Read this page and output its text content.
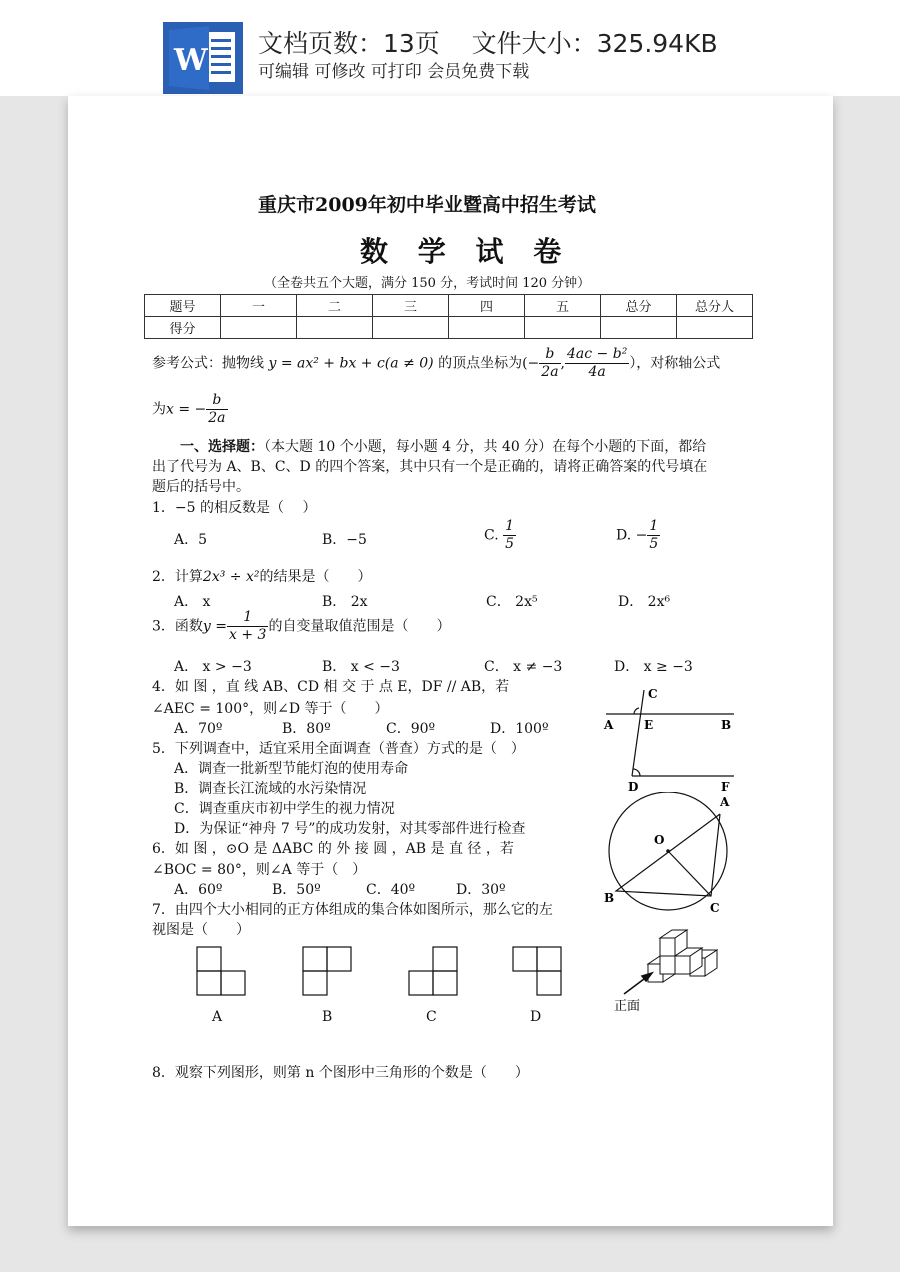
W 文档页数：13页 文件大小：325.94KB
可编辑 可修改 可打印 会员免费下载
重庆市2009年初中毕业暨高中招生考试
数 学 试 卷
（全卷共五个大题，满分 150 分，考试时间 120 分钟）
题号	一	二	三	四	五	总分	总分人
得分							
参考公式：抛物线 y = ax² + bx + c(a ≠ 0) 的顶点坐标为(− $\frac{b}{2a}$ , $\frac{\text{4ac − b²}}{4a}$ ），对称轴公式
为x = − $\frac{b}{2a}$
一、选择题：（本大题 10 个小题，每小题 4 分，共 40 分）在每个小题的下面，都给
出了代号为 A、B、C、D 的四个答案，其中只有一个是正确的，请将正确答案的代号填在
题后的括号中。
1．−5 的相反数是（　 ）
A．5	B．−5	C. $\frac{1}{5}$	D. − $\frac{1}{5}$
2．计算2x³ ÷ x²的结果是（　　）
A． x	B． 2x	C． 2x⁵	D． 2x⁶
3．函数$y = \frac{1}{x + 3}$ 的自变量取值范围是（　　）
A． x > −3	B． x < −3	C． x ≠ −3	D． x ≥ −3
4．如 图 ，直 线 AB、CD 相 交 于 点 E，DF // AB，若
∠AEC = 100°，则∠D 等于（　　）
A．70º	B．80º	C．90º	D．100º
5．下列调查中，适宜采用全面调查（普查）方式的是（　）
A．调查一批新型节能灯泡的使用寿命
B．调查长江流域的水污染情况
C．调查重庆市初中学生的视力情况
D．为保证“神舟 7 号”的成功发射，对其零部件进行检查
6．如 图 ，⊙O 是 ΔABC 的 外 接 圆 ，AB 是 直 径 ，若
∠BOC = 80°，则∠A 等于（　）
A．60º	B．50º	C．40º	D．30º
7．由四个大小相同的正方体组成的集合体如图所示，那么它的左
视图是（　　）
A	B	C	D
8．观察下列图形，则第 n 个图形中三角形的个数是（　　）
C
E
A	B
D	F
O
A
B
C
正面
